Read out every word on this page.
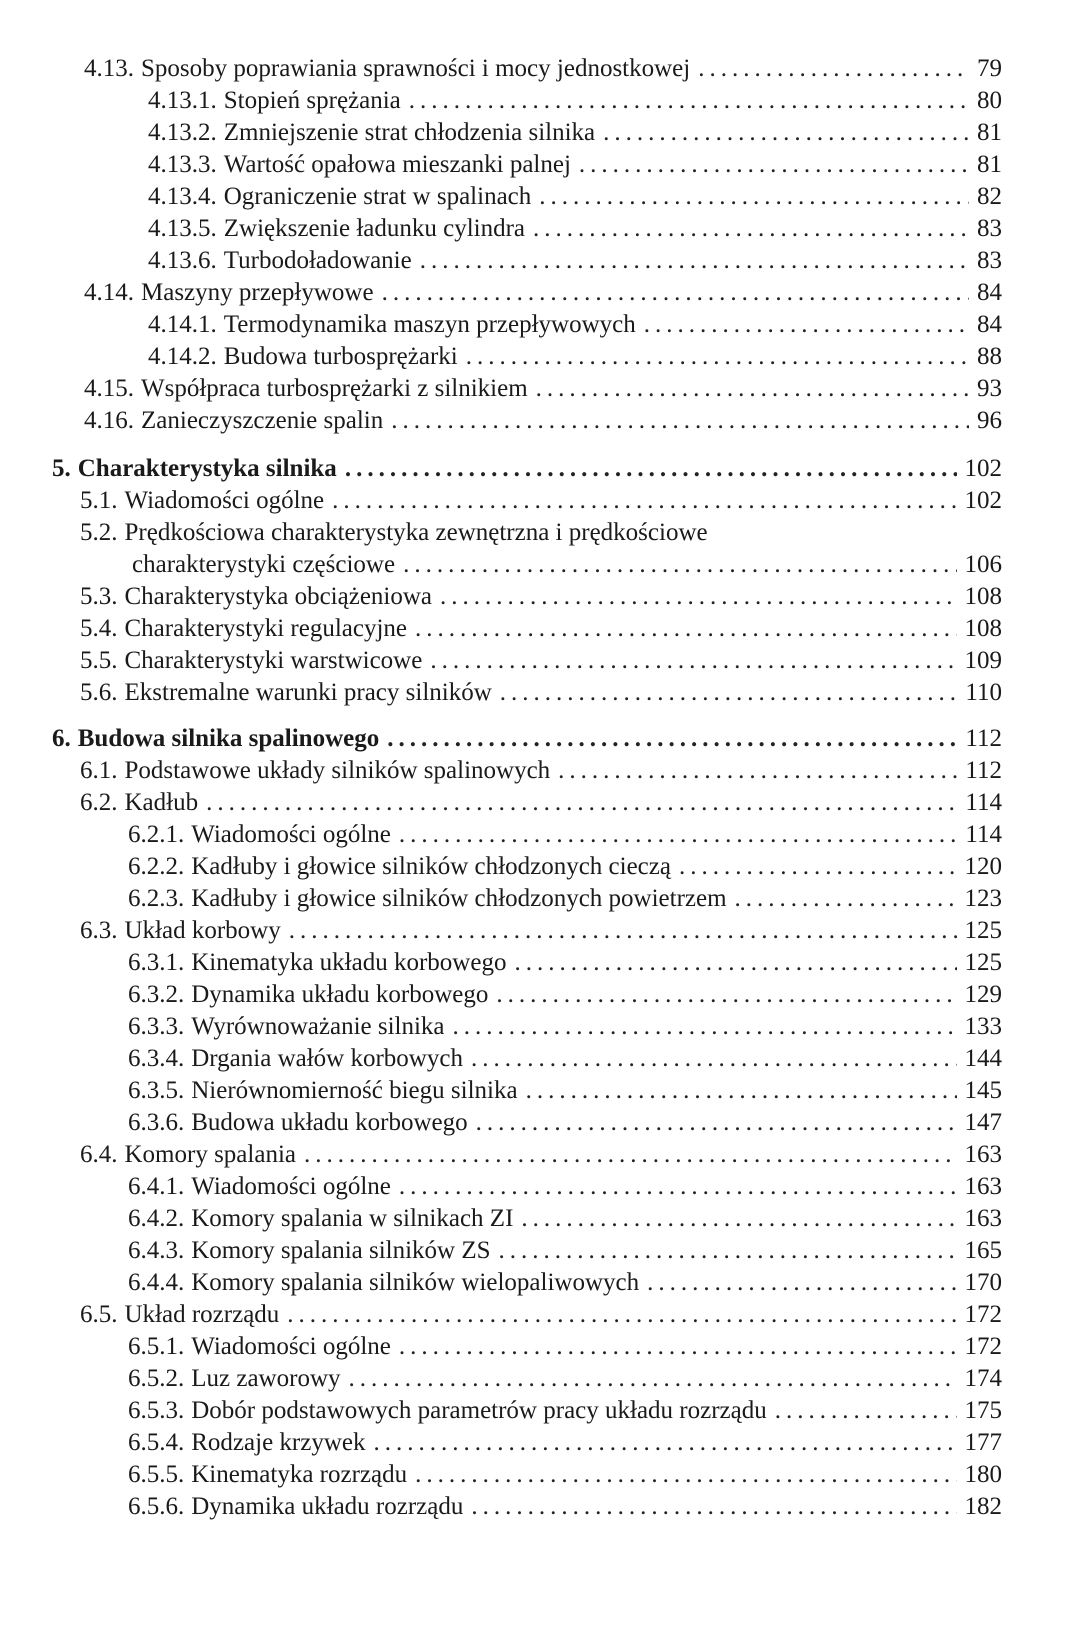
4.13. Sposoby poprawiania sprawności i mocy jednostkowej .....	79
4.13.1. Stopień sprężania .....	80
4.13.2. Zmniejszenie strat chłodzenia silnika .....	81
4.13.3. Wartość opałowa mieszanki palnej .....	81
4.13.4. Ograniczenie strat w spalinach .....	82
4.13.5. Zwiększenie ładunku cylindra .....	83
4.13.6. Turbodoładowanie .....	83
4.14. Maszyny przepływowe .....	84
4.14.1. Termodynamika maszyn przepływowych .....	84
4.14.2. Budowa turbosprężarki .....	88
4.15. Współpraca turbosprężarki z silnikiem .....	93
4.16. Zanieczyszczenie spalin .....	96
5. Charakterystyka silnika .....	102
5.1. Wiadomości ogólne .....	102
5.2. Prędkościowa charakterystyka zewnętrzna i prędkościowe
charakterystyki częściowe .....	106
5.3. Charakterystyka obciążeniowa .....	108
5.4. Charakterystyki regulacyjne .....	108
5.5. Charakterystyki warstwicowe .....	109
5.6. Ekstremalne warunki pracy silników .....	110
6. Budowa silnika spalinowego .....	112
6.1. Podstawowe układy silników spalinowych .....	112
6.2. Kadłub .....	114
6.2.1. Wiadomości ogólne .....	114
6.2.2. Kadłuby i głowice silników chłodzonych cieczą .....	120
6.2.3. Kadłuby i głowice silników chłodzonych powietrzem .....	123
6.3. Układ korbowy .....	125
6.3.1. Kinematyka układu korbowego .....	125
6.3.2. Dynamika układu korbowego .....	129
6.3.3. Wyrównoważanie silnika .....	133
6.3.4. Drgania wałów korbowych .....	144
6.3.5. Nierównomierność biegu silnika .....	145
6.3.6. Budowa układu korbowego .....	147
6.4. Komory spalania .....	163
6.4.1. Wiadomości ogólne .....	163
6.4.2. Komory spalania w silnikach ZI .....	163
6.4.3. Komory spalania silników ZS .....	165
6.4.4. Komory spalania silników wielopaliwowych .....	170
6.5. Układ rozrządu .....	172
6.5.1. Wiadomości ogólne .....	172
6.5.2. Luz zaworowy .....	174
6.5.3. Dobór podstawowych parametrów pracy układu rozrządu .....	175
6.5.4. Rodzaje krzywek .....	177
6.5.5. Kinematyka rozrządu .....	180
6.5.6. Dynamika układu rozrządu .....	182
